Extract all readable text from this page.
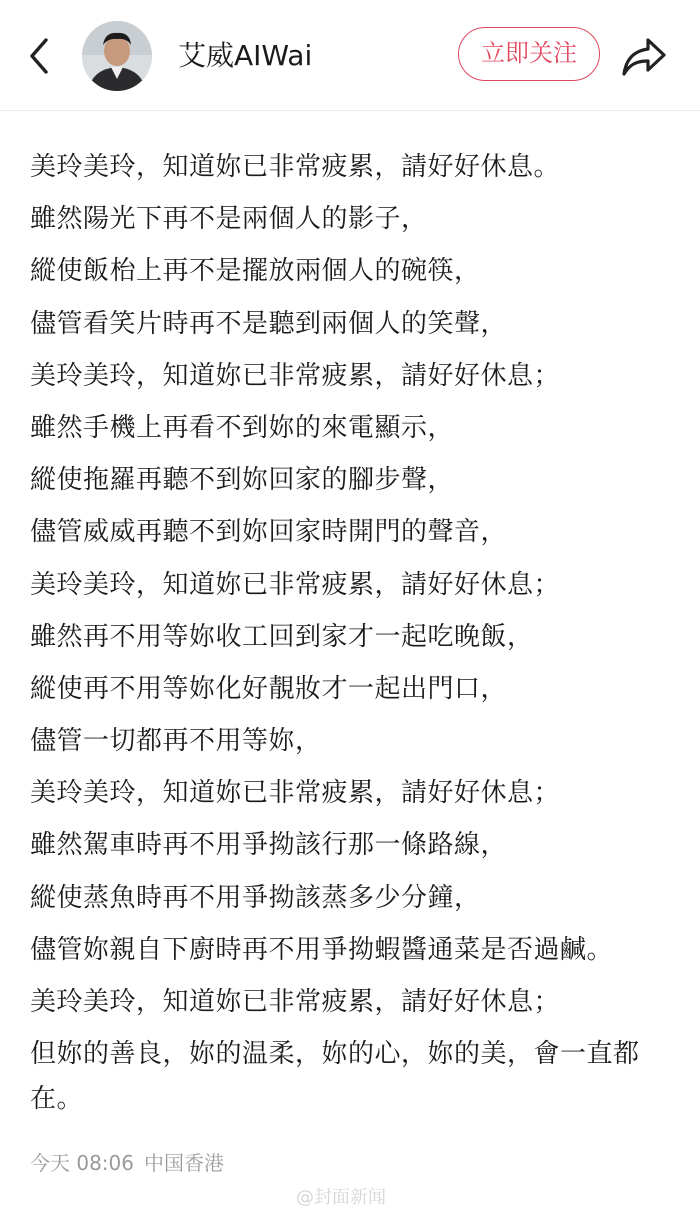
艾威AIWai	立即关注
美玲美玲，知道妳已非常疲累，請好好休息。
雖然陽光下再不是兩個人的影子，
縱使飯枱上再不是擺放兩個人的碗筷，
儘管看笑片時再不是聽到兩個人的笑聲，
美玲美玲，知道妳已非常疲累，請好好休息；
雖然手機上再看不到妳的來電顯示，
縱使拖羅再聽不到妳回家的腳步聲，
儘管威威再聽不到妳回家時開門的聲音，
美玲美玲，知道妳已非常疲累，請好好休息；
雖然再不用等妳收工回到家才一起吃晚飯，
縱使再不用等妳化好靚妝才一起出門口，
儘管一切都再不用等妳，
美玲美玲，知道妳已非常疲累，請好好休息；
雖然駕車時再不用爭拗該行那一條路線，
縱使蒸魚時再不用爭拗該蒸多少分鐘，
儘管妳親自下廚時再不用爭拗蝦醬通菜是否過鹹。
美玲美玲，知道妳已非常疲累，請好好休息；
但妳的善良，妳的温柔，妳的心，妳的美，會一直都在。
今天 08:06 中国香港
@封面新闻
